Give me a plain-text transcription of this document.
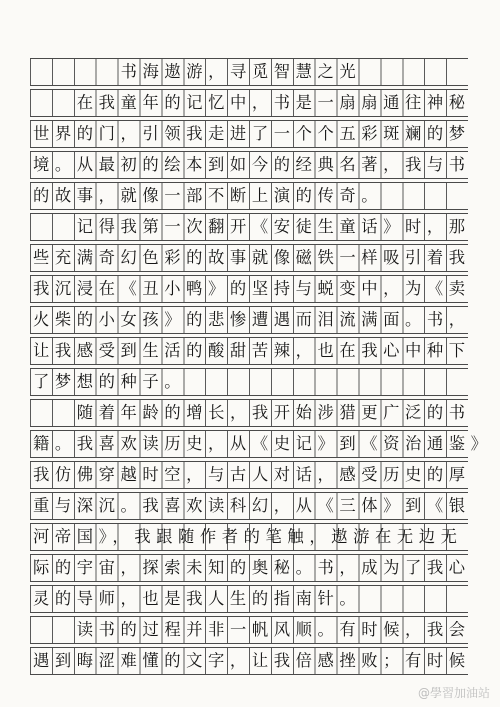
书海遨游，寻觅智慧之光
在我童年的记忆中，书是一扇扇通往神秘
世界的门，引领我走进了一个个五彩斑斓的梦
境。从最初的绘本到如今的经典名著，我与书
的故事，就像一部不断上演的传奇。
记得我第一次翻开《安徒生童话》时，那
些充满奇幻色彩的故事就像磁铁一样吸引着我
我沉浸在《丑小鸭》的坚持与蜕变中，为《卖
火柴的小女孩》的悲惨遭遇而泪流满面。书，
让我感受到生活的酸甜苦辣，也在我心中种下
了梦想的种子。
随着年龄的增长，我开始涉猎更广泛的书
籍。我喜欢读历史，从《史记》到《资治通鉴》
我仿佛穿越时空，与古人对话，感受历史的厚
重与深沉。我喜欢读科幻，从《三体》到《银
河帝国》，我跟随作者的笔触，遨游在无边无
际的宇宙，探索未知的奥秘。书，成为了我心
灵的导师，也是我人生的指南针。
读书的过程并非一帆风顺。有时候，我会
遇到晦涩难懂的文字，让我倍感挫败；有时候
@學習加油站
